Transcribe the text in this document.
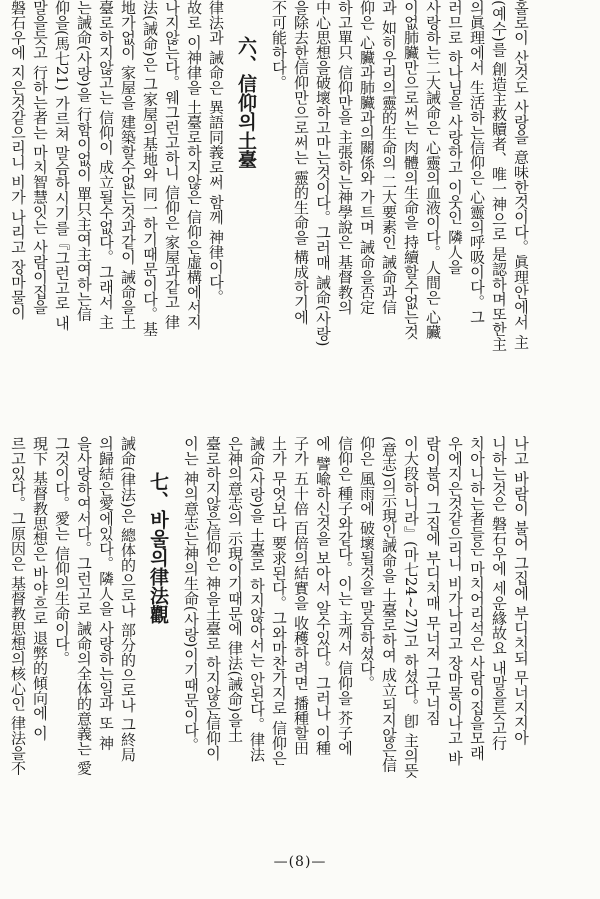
홀로이 산것도 사랑을 意味한것이다。眞理안에서 主
(예수)를 創造主救贖者、唯一神으로 是認하며또한主
의眞理에서 生活하는信仰은 心靈의呼吸이다。그
러므로 하나님을 사랑하고 이웃인 隣人을
사랑하는二大誡命은 心靈의血液이다。人間은 心臟
이없肺臟만으로써는 肉體의生命을 持續할수없는것
과 如히우리의靈的生命의 二大要素인 誡命과信
仰은 心臟과肺臟과의關係와 가트며 誡命을否定
하고單只 信仰만을 主張하는神學說은 基督教의
中心思想을破壞하고마는것이다。그러매 誡命(사랑)
을除去한信仰만으로써는 靈的生命을 構成하기에
不可能하다。
六、信仰의土臺
律法과 誡命은 異語同義로써 함께 神律이다。
故로 이神律을 土臺로하지않은 信仰은虛構에서지
나지않는다。웨그런고하니 信仰은 家屋과같고 律
法(誡命)은 그家屋의基地와 同一하기때문이다。基
地가없이 家屋을 建築할수없는것과같이 誡命을土
臺로하지않고는 信仰이 成立될수없다。그래서 主
는誡命(사랑)을 行함이없이 單只主여主여하는信
仰을(馬七21) 가르쳐 말슴하시기를『그런고로 내
말을듯고 行하는者는 마치智慧잇는 사람이집을
磐石우에 지은것같으리니 비가 나리고 장마물이
나고 바람이 불어 그집에 부디치되 무너지지아
니하는것은 磐石우에 세운緣故요 내말을듯고行
치아니하는者들은 마치어리석은 사람이집을모래
우에지은것같으리니 비가나리고 장마물이나고 바
람이불어 그집에 부디치매 무너저 그무너짐
이大段하니라』(마七24~27)고 하셨다。卽 主의뜻
(意志)의示現인誡命을 土臺로하여 成立되지않은信
仰은 風雨에 破壞될것을 말슴하셨다。
信仰은 種子와같다。이는 主께서 信仰을 芥子에
에 譬喩하신것을 보아서 알수있다。그러나 이種
子가 五十倍 百倍의結實을 收穫하려면 播種할田
土가 무엇보다 要求된다。그와마찬가지로 信仰은
誡命(사랑)을 土臺로 하지않아서는 안된다。律法
은神의意志의 示現이기때문에 律法(誡命)을土
臺로하지않은信仰은 神을土臺로 하지않은信仰이
이는 神의意志는神의生命(사랑)이기때문이다。
七、바울의律法觀
誡命(律法)은 總体的으로나 部分的으로나 그終局
의歸結은愛에있다。隣人을 사랑하는일과 또 神
을사랑하여서다。그런고로 誡命의全体的意義는 愛
그것이다。愛는 信仰의生命이다。
現下 基督教思想은 바야흐로 退弊的傾向에 이
르고있다。그原因은 基督教思想의核心인 律法을不
—(8)—
